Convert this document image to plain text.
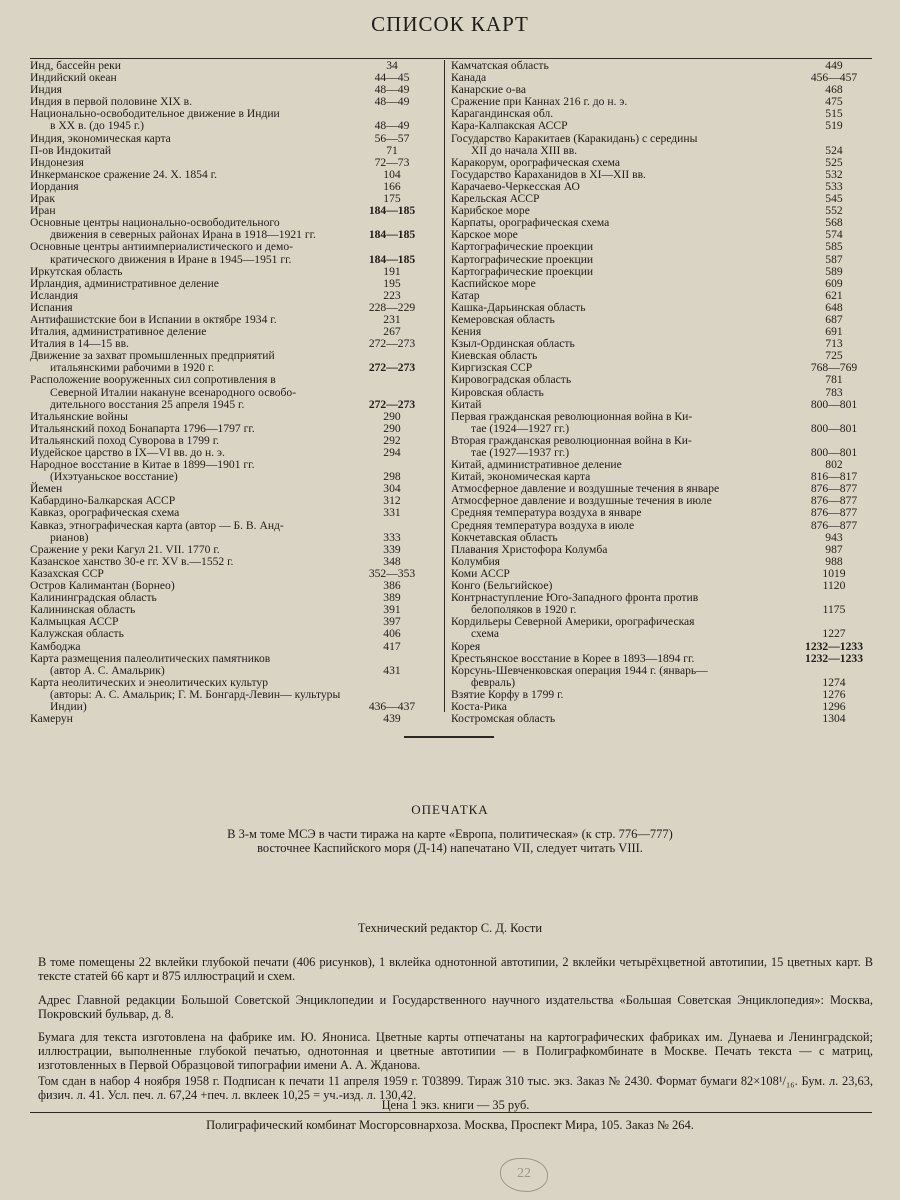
СПИСОК КАРТ
Инд, бассейн реки	34
Индийский океан	44—45
Индия	48—49
Индия в первой половине XIX в.	48—49
Национально-освободительное движение в Индии
в XX в. (до 1945 г.)	48—49
Индия, экономическая карта	56—57
П-ов Индокитай	71
Индонезия	72—73
Инкерманское сражение 24. X. 1854 г.	104
Иордания	166
Ирак	175
Иран	184—185
Основные центры национально-освободительного
движения в северных районах Ирана в 1918—1921 гг.	184—185
Основные центры антиимпериалистического и демо-
кратического движения в Иране в 1945—1951 гг.	184—185
Иркутская область	191
Ирландия, административное деление	195
Исландия	223
Испания	228—229
Антифашистские бои в Испании в октябре 1934 г.	231
Италия, административное деление	267
Италия в 14—15 вв.	272—273
Движение за захват промышленных предприятий
итальянскими рабочими в 1920 г.	272—273
Расположение вооруженных сил сопротивления в
Северной Италии накануне всенародного освобо-дительного восстания 25 апреля 1945 г.	272—273
Итальянские войны	290
Итальянский поход Бонапарта 1796—1797 гг.	290
Итальянский поход Суворова в 1799 г.	292
Иудейское царство в IX—VI вв. до н. э.	294
Народное восстание в Китае в 1899—1901 гг.
(Ихэтуаньское восстание)	298
Йемен	304
Кабардино-Балкарская АССР	312
Кавказ, орографическая схема	331
Кавказ, этнографическая карта (автор — Б. В. Анд-
рианов)	333
Сражение у реки Кагул 21. VII. 1770 г.	339
Казанское ханство 30-е гг. XV в.—1552 г.	348
Казахская ССР	352—353
Остров Калимантан (Борнео)	386
Калининградская область	389
Калининская область	391
Калмыцкая АССР	397
Калужская область	406
Камбоджа	417
Карта размещения палеолитических памятников
(автор А. С. Амальрик)	431
Карта неолитических и энеолитических культур
(авторы: А. С. Амальрик; Г. М. Бонгард-Левин— культуры Индии)	436—437
Камерун	439
Камчатская область	449
Канада	456—457
Канарские о-ва	468
Сражение при Каннах 216 г. до н. э.	475
Карагандинская обл.	515
Кара-Калпакская АССР	519
Государство Каракитаев (Каракидань) с середины
XII до начала XIII вв.	524
Каракорум, орографическая схема	525
Государство Караханидов в XI—XII вв.	532
Карачаево-Черкесская АО	533
Карельская АССР	545
Карибское море	552
Карпаты, орографическая схема	568
Карское море	574
Картографические проекции	585
Картографические проекции	587
Картографические проекции	589
Каспийское море	609
Катар	621
Кашка-Дарьинская область	648
Кемеровская область	687
Кения	691
Кзыл-Ординская область	713
Киевская область	725
Киргизская ССР	768—769
Кировоградская область	781
Кировская область	783
Китай	800—801
Первая гражданская революционная война в Ки-
тае (1924—1927 гг.)	800—801
Вторая гражданская революционная война в Ки-
тае (1927—1937 гг.)	800—801
Китай, административное деление	802
Китай, экономическая карта	816—817
Атмосферное давление и воздушные течения в январе	876—877
Атмосферное давление и воздушные течения в июле	876—877
Средняя температура воздуха в январе	876—877
Средняя температура воздуха в июле	876—877
Кокчетавская область	943
Плавания Христофора Колумба	987
Колумбия	988
Коми АССР	1019
Конго (Бельгийское)	1120
Контрнаступление Юго-Западного фронта против
белополяков в 1920 г.	1175
Кордильеры Северной Америки, орографическая
схема	1227
Корея	1232—1233
Крестьянское восстание в Корее в 1893—1894 гг.	1232—1233
Корсунь-Шевченковская операция 1944 г. (январь—
февраль)	1274
Взятие Корфу в 1799 г.	1276
Коста-Рика	1296
Костромская область	1304
ОПЕЧАТКА
В 3-м томе МСЭ в части тиража на карте «Европа, политическая» (к стр. 776—777) восточнее Каспийского моря (Д-14) напечатано VII, следует читать VIII.
Технический редактор С. Д. Кости
В томе помещены 22 вклейки глубокой печати (406 рисунков), 1 вклейка однотонной автотипии, 2 вклейки четырёхцветной автотипии, 15 цветных карт. В тексте статей 66 карт и 875 иллюстраций и схем.
Адрес Главной редакции Большой Советской Энциклопедии и Государственного научного издательства «Большая Советская Энциклопедия»: Москва, Покровский бульвар, д. 8.
Бумага для текста изготовлена на фабрике им. Ю. Янониса. Цветные карты отпечатаны на картографических фабриках им. Дунаева и Ленинградской; иллюстрации, выполненные глубокой печатью, однотонная и цветные автотипии — в Полиграфкомбинате в Москве. Печать текста — с матриц, изготовленных в Первой Образцовой типографии имени А. А. Жданова.
Том сдан в набор 4 ноября 1958 г. Подписан к печати 11 апреля 1959 г. Т03899. Тираж 310 тыс. экз. Заказ № 2430. Формат бумаги 82×108¹/₁₆. Бум. л. 23,63, физич. л. 41. Усл. печ. л. 67,24 +печ. л. вклеек 10,25 = уч.-изд. л. 130,42.
Цена 1 экз. книги — 35 руб.
Полиграфический комбинат Мосгорсовнархоза. Москва, Проспект Мира, 105. Заказ № 264.
22
